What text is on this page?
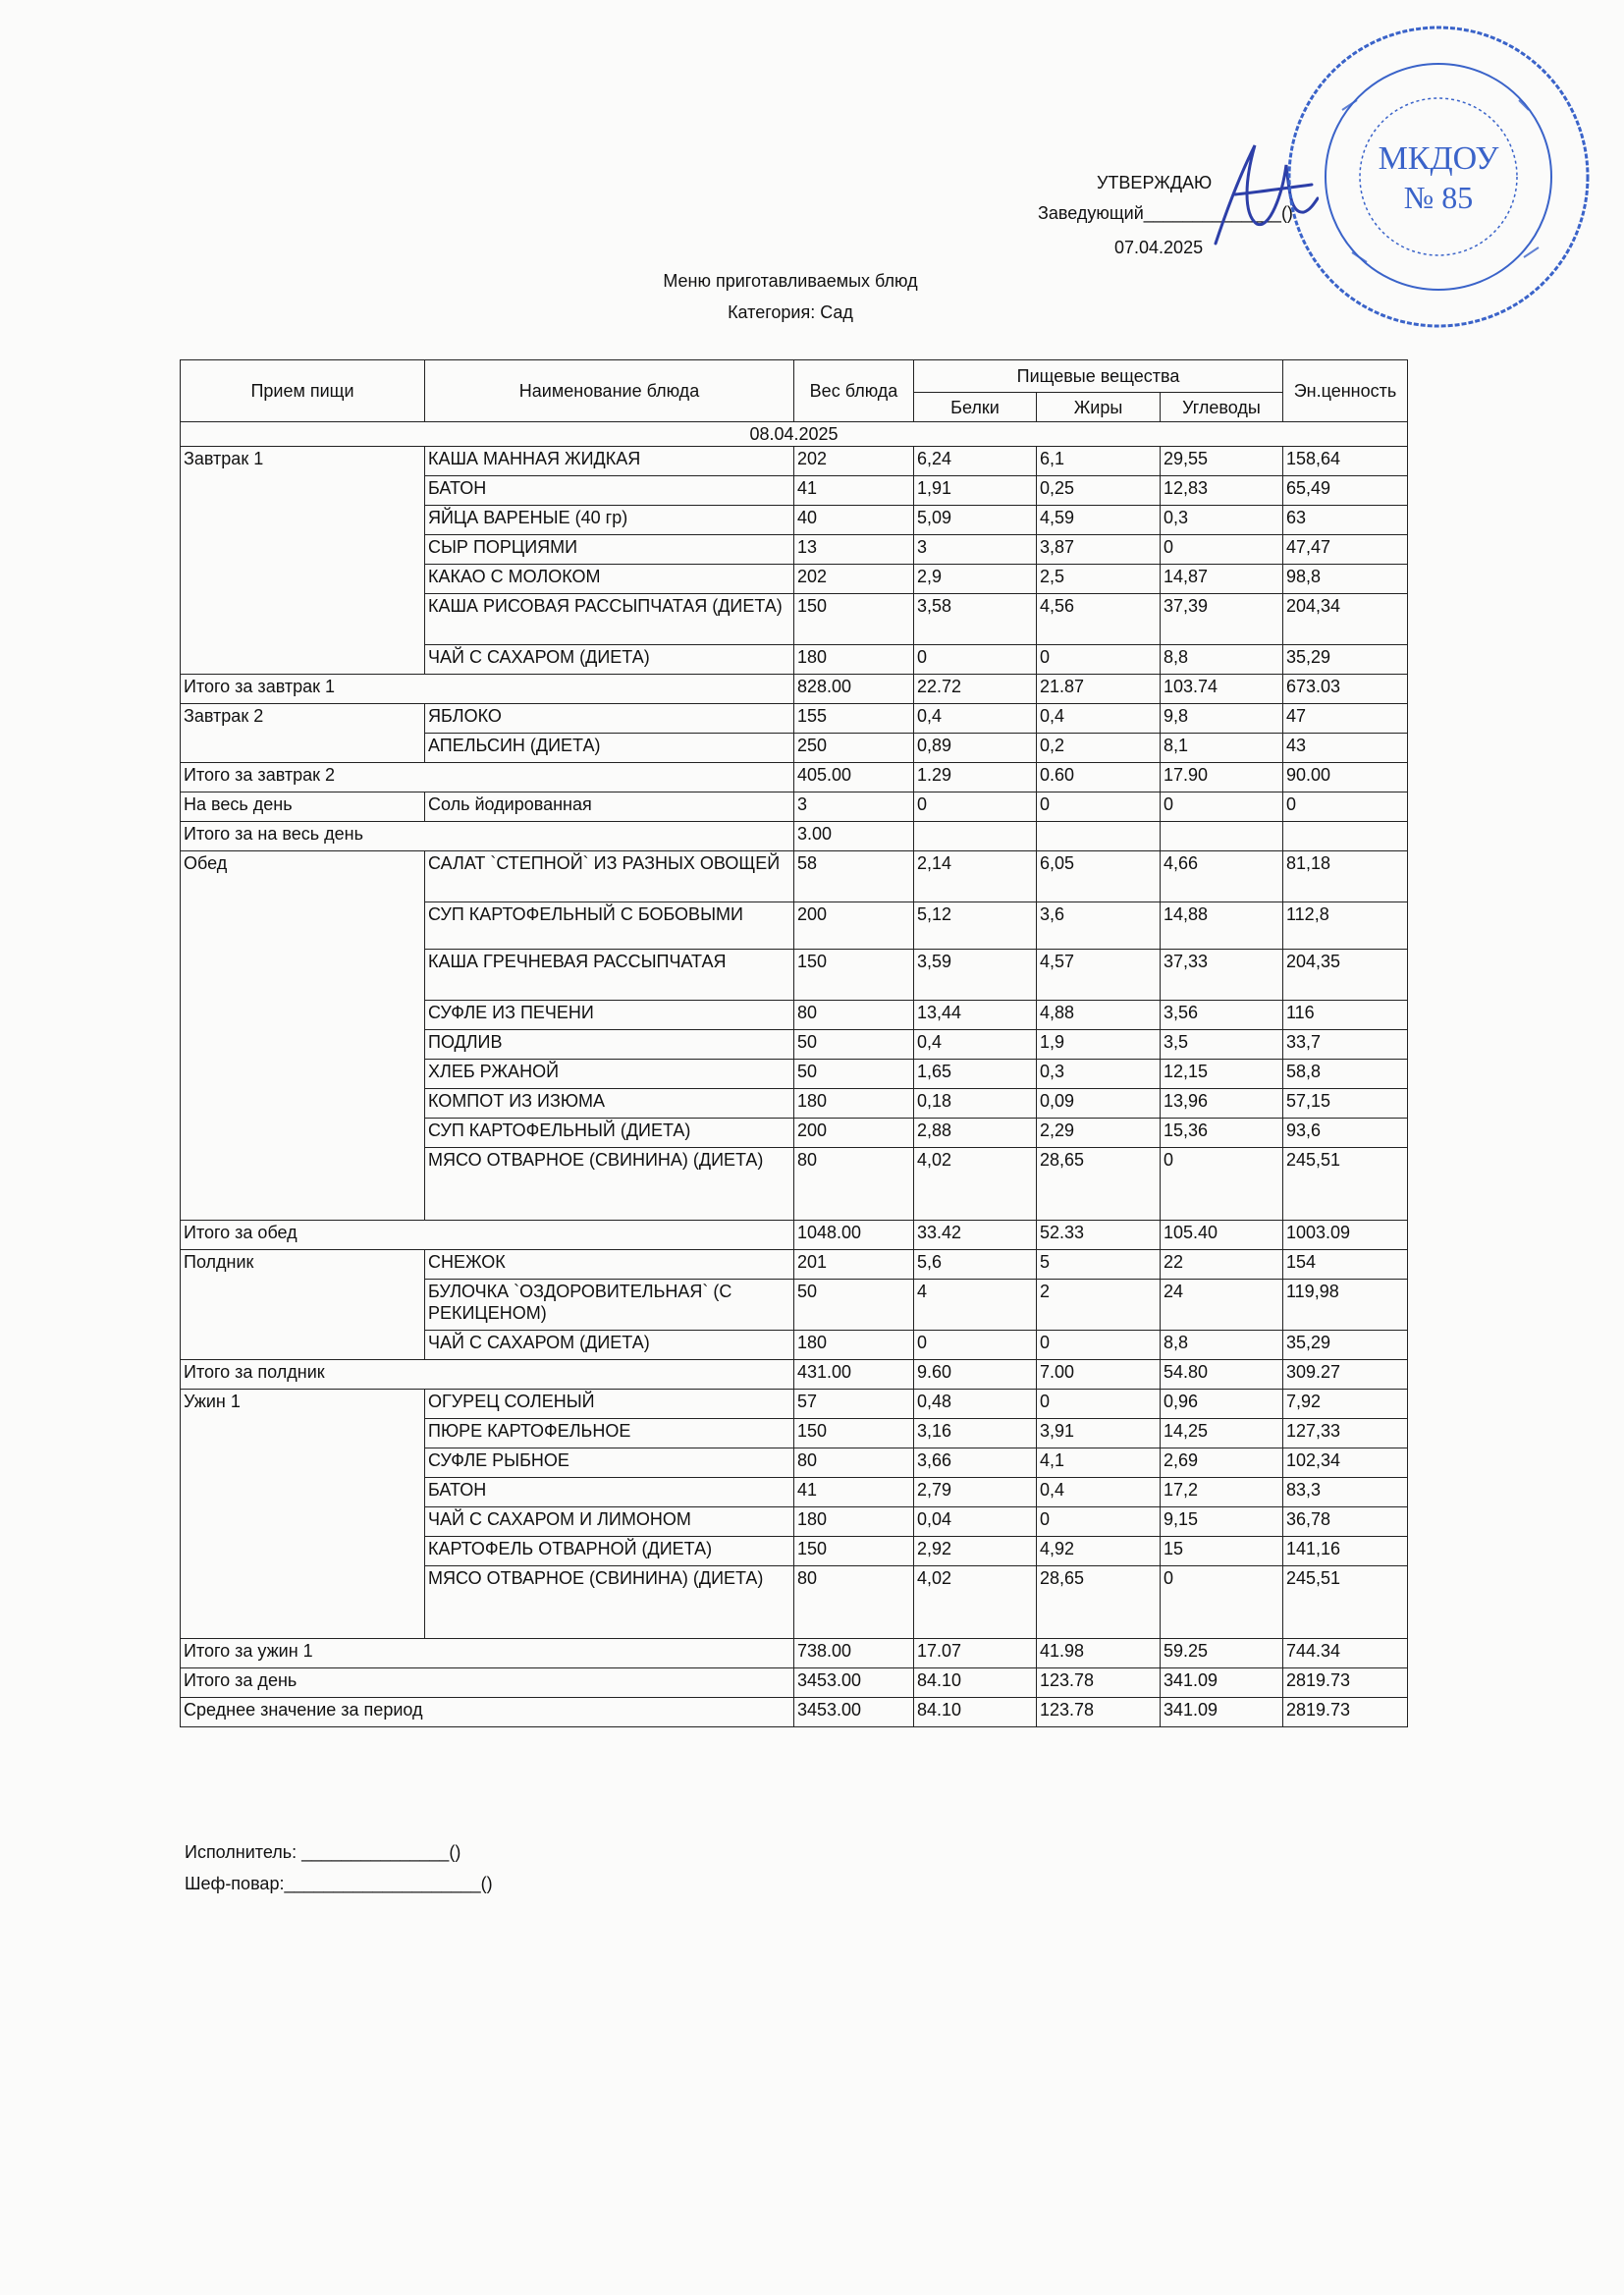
УТВЕРЖДАЮ
Заведующий______________()
07.04.2025
МКДОУ
№ 85
Меню приготавливаемых блюд
Категория: Сад
Прием пищи	Наименование блюда	Вес блюда	Пищевые вещества			Эн.ценность
			Белки	Жиры	Углеводы	
08.04.2025						
Завтрак 1	КАША МАННАЯ ЖИДКАЯ	202	6,24	6,1	29,55	158,64
	БАТОН	41	1,91	0,25	12,83	65,49
	ЯЙЦА ВАРЕНЫЕ (40 гр)	40	5,09	4,59	0,3	63
	СЫР ПОРЦИЯМИ	13	3	3,87	0	47,47
	КАКАО С МОЛОКОМ	202	2,9	2,5	14,87	98,8
	КАША РИСОВАЯ РАССЫПЧАТАЯ (ДИЕТА)	150	3,58	4,56	37,39	204,34
	ЧАЙ С САХАРОМ (ДИЕТА)	180	0	0	8,8	35,29
Итого за завтрак 1		828.00	22.72	21.87	103.74	673.03
Завтрак 2	ЯБЛОКО	155	0,4	0,4	9,8	47
	АПЕЛЬСИН (ДИЕТА)	250	0,89	0,2	8,1	43
Итого за завтрак 2		405.00	1.29	0.60	17.90	90.00
На весь день	Соль йодированная	3	0	0	0	0
Итого за на весь день		3.00				
Обед	САЛАТ `СТЕПНОЙ` ИЗ РАЗНЫХ ОВОЩЕЙ	58	2,14	6,05	4,66	81,18
	СУП КАРТОФЕЛЬНЫЙ С БОБОВЫМИ	200	5,12	3,6	14,88	112,8
	КАША ГРЕЧНЕВАЯ РАССЫПЧАТАЯ	150	3,59	4,57	37,33	204,35
	СУФЛЕ ИЗ ПЕЧЕНИ	80	13,44	4,88	3,56	116
	ПОДЛИВ	50	0,4	1,9	3,5	33,7
	ХЛЕБ РЖАНОЙ	50	1,65	0,3	12,15	58,8
	КОМПОТ ИЗ ИЗЮМА	180	0,18	0,09	13,96	57,15
	СУП КАРТОФЕЛЬНЫЙ (ДИЕТА)	200	2,88	2,29	15,36	93,6
	МЯСО ОТВАРНОЕ (СВИНИНА) (ДИЕТА)	80	4,02	28,65	0	245,51
Итого за обед		1048.00	33.42	52.33	105.40	1003.09
Полдник	СНЕЖОК	201	5,6	5	22	154
	БУЛОЧКА `ОЗДОРОВИТЕЛЬНАЯ` (С РЕКИЦЕНОМ)	50	4	2	24	119,98
	ЧАЙ С САХАРОМ (ДИЕТА)	180	0	0	8,8	35,29
Итого за полдник		431.00	9.60	7.00	54.80	309.27
Ужин 1	ОГУРЕЦ СОЛЕНЫЙ	57	0,48	0	0,96	7,92
	ПЮРЕ КАРТОФЕЛЬНОЕ	150	3,16	3,91	14,25	127,33
	СУФЛЕ РЫБНОЕ	80	3,66	4,1	2,69	102,34
	БАТОН	41	2,79	0,4	17,2	83,3
	ЧАЙ С САХАРОМ И ЛИМОНОМ	180	0,04	0	9,15	36,78
	КАРТОФЕЛЬ ОТВАРНОЙ (ДИЕТА)	150	2,92	4,92	15	141,16
	МЯСО ОТВАРНОЕ (СВИНИНА) (ДИЕТА)	80	4,02	28,65	0	245,51
Итого за ужин 1		738.00	17.07	41.98	59.25	744.34
Итого за день		3453.00	84.10	123.78	341.09	2819.73
Среднее значение за период		3453.00	84.10	123.78	341.09	2819.73
Исполнитель: _______________()
Шеф-повар:____________________()
